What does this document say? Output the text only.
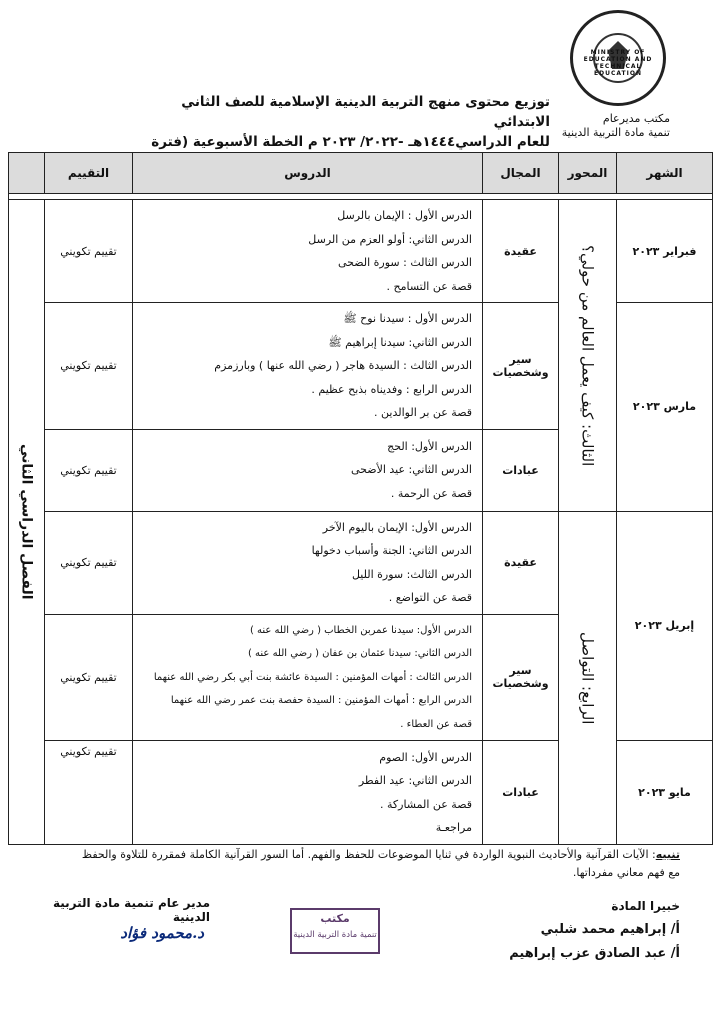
MINISTRY OF EDUCATION AND TECHNICAL EDUCATION
مكتب مديرعام
تنمية مادة التربية الدينية
توزيع محتوى منهج التربية الدينية الإسلامية للصف الثاني الابتدائي
للعام الدراسي١٤٤٤هـ -٢٠٢٢/ ٢٠٢٣ م الخطة الأسبوعية (فترة
الشهر	المحور	المجال	الدروس	التقييم	

فبراير ٢٠٢٣	الثالث: كيف يعمل العالم من حولي؟	عقيدة	الدرس الأول : الإيمان بالرسل
الدرس الثاني: أولو العزم من الرسل
الدرس الثالث : سورة الضحى
قصة عن التسامح .	تقييم تكويني	الفصل الدراسي الثاني

مارس ٢٠٢٣		سير وشخصيات	الدرس الأول : سيدنا نوح ﷺ
الدرس الثاني: سيدنا إبراهيم ﷺ
الدرس الثالث : السيدة هاجر ( رضي الله عنها ) وبارزمزم
الدرس الرابع : وفديناه بذبح عظيم .
قصة عن بر الوالدين .	تقييم تكويني	
		عبادات	الدرس الأول: الحج
الدرس الثاني: عيد الأضحى
قصة عن الرحمة .	تقييم تكويني	
إبريل ٢٠٢٣	الرابع: التواصل	عقيدة	الدرس الأول: الإيمان باليوم الآخر
الدرس الثاني: الجنة وأسباب دخولها
الدرس الثالث: سورة الليل
قصة عن التواضع .	تقييم تكويني	
		سير وشخصيات	الدرس الأول: سيدنا عمربن الخطاب ( رضي الله عنه )
الدرس الثاني: سيدنا عثمان بن عفان ( رضي الله عنه )
الدرس الثالث : أمهات المؤمنين : السيدة عائشة بنت أبي بكر رضي الله عنهما
الدرس الرابع : أمهات المؤمنين : السيدة حفصة بنت عمر رضي الله عنهما
قصة عن العطاء .	تقييم تكويني	
مايو ٢٠٢٣		عبادات	الدرس الأول: الصوم
الدرس الثاني: عيد الفطر
قصة عن المشاركة .
مراجعـة	تقييم تكويني	
تنبيه: الآيات القرآنية والأحاديث النبوية الواردة في ثنايا الموضوعات للحفظ والفهم. أما السور القرآنية الكاملة فمقررة للتلاوة والحفظ
مع فهم معاني مفرداتها.
مدير عام تنمية مادة التربية الدينية
د.محمود فؤاد
مكتب
تنمية مادة التربية الدينية
خبيرا المادة
أ/ إبراهيم محمد شلبي
أ/ عبد الصادق عزب إبراهيم
